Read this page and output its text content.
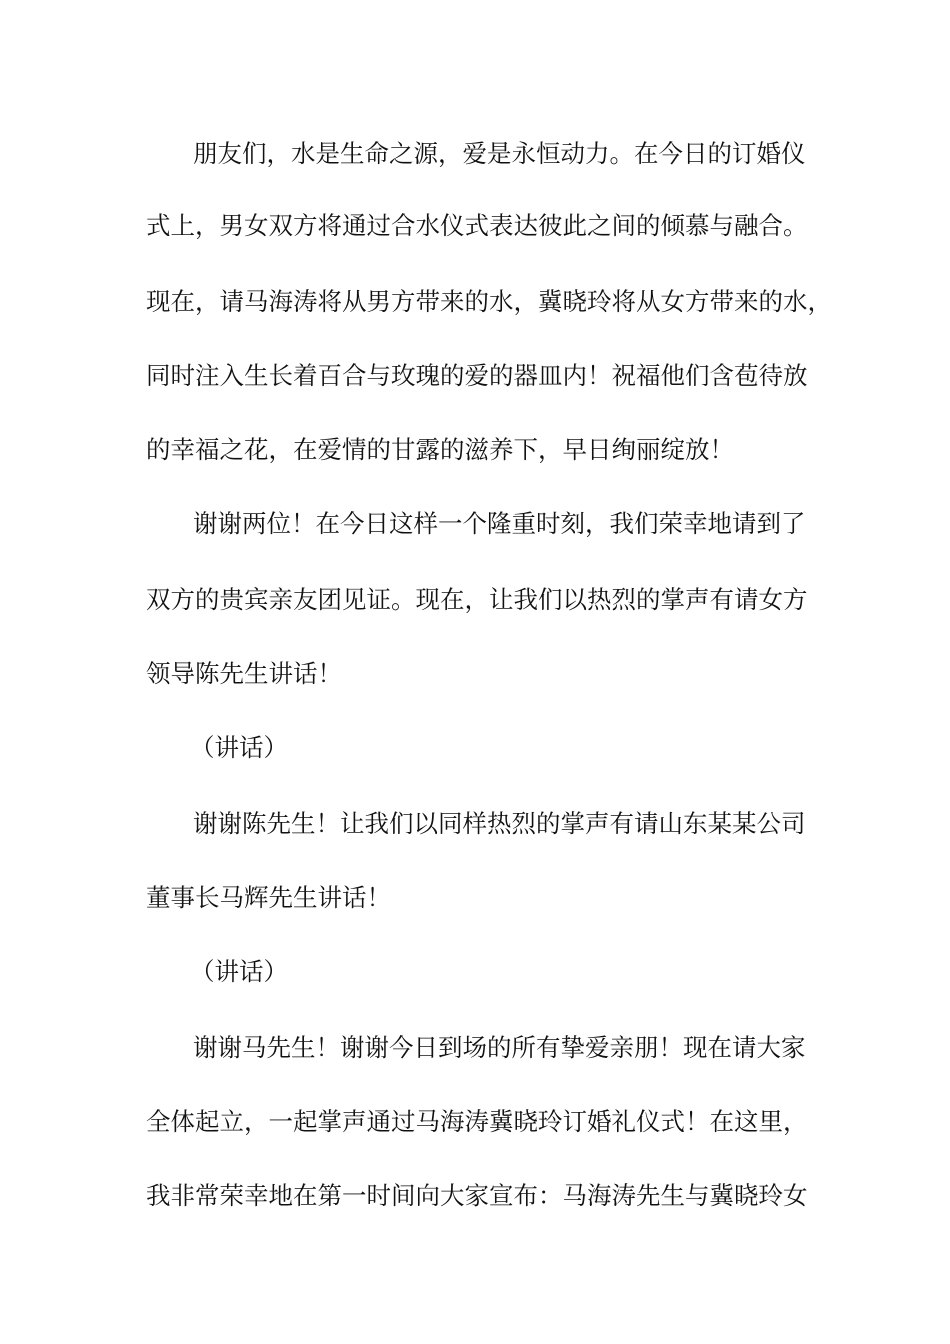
朋友们，水是生命之源，爱是永恒动力。在今日的订婚仪
式上，男女双方将通过合水仪式表达彼此之间的倾慕与融合。
现在，请马海涛将从男方带来的水，冀晓玲将从女方带来的水，
同时注入生长着百合与玫瑰的爱的器皿内！祝福他们含苞待放
的幸福之花，在爱情的甘露的滋养下，早日绚丽绽放！
谢谢两位！在今日这样一个隆重时刻，我们荣幸地请到了
双方的贵宾亲友团见证。现在，让我们以热烈的掌声有请女方
领导陈先生讲话！
（讲话）
谢谢陈先生！让我们以同样热烈的掌声有请山东某某公司
董事长马辉先生讲话！
（讲话）
谢谢马先生！谢谢今日到场的所有挚爱亲朋！现在请大家
全体起立，一起掌声通过马海涛冀晓玲订婚礼仪式！在这里，
我非常荣幸地在第一时间向大家宣布：马海涛先生与冀晓玲女
